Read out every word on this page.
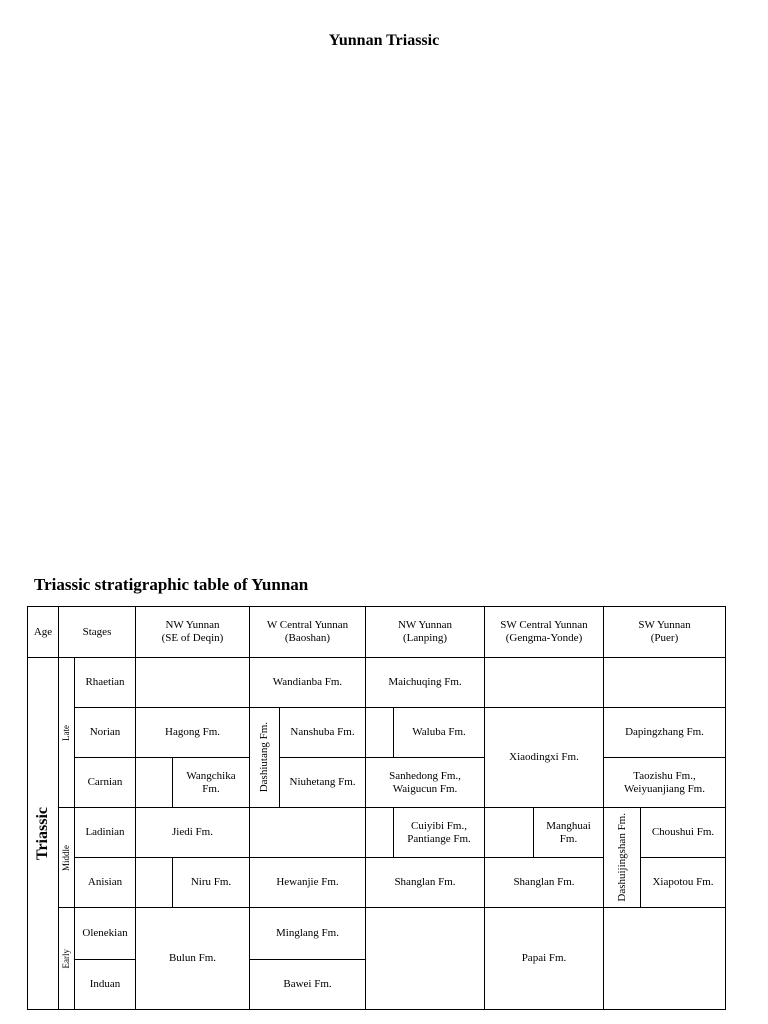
Yunnan Triassic
Triassic stratigraphic table of Yunnan
Age	Stages
NW Yunnan
(SE of Deqin)
W Central Yunnan
(Baoshan)
NW Yunnan
(Lanping)
SW Central Yunnan
(Gengma-Yonde)
SW Yunnan
(Puer)
Triassic
Late
Middle
Early
Rhaetian
Norian
Carnian
Ladinian
Anisian
Olenekian
Induan
Hagong Fm.
Wangchika
Fm.
Jiedi Fm.
Niru Fm.
Bulun Fm.
Wandianba Fm.
Dashiutang Fm. Nanshuba Fm.
Niuhetang Fm.
Hewanjie Fm.
Minglang Fm.
Bawei Fm.
Maichuqing Fm.
Waluba Fm.
Sanhedong Fm.,
Waigucun Fm.
Cuiyibi Fm.,
Pantiange Fm.
Shanglan Fm.
Xiaodingxi Fm.
Manghuai
Fm.
Shanglan Fm.
Papai Fm.
Dapingzhang Fm.
Taozishu Fm.,
Weiyuanjiang Fm.
Dashuijingshan Fm. Choushui Fm.
Xiapotou Fm.
